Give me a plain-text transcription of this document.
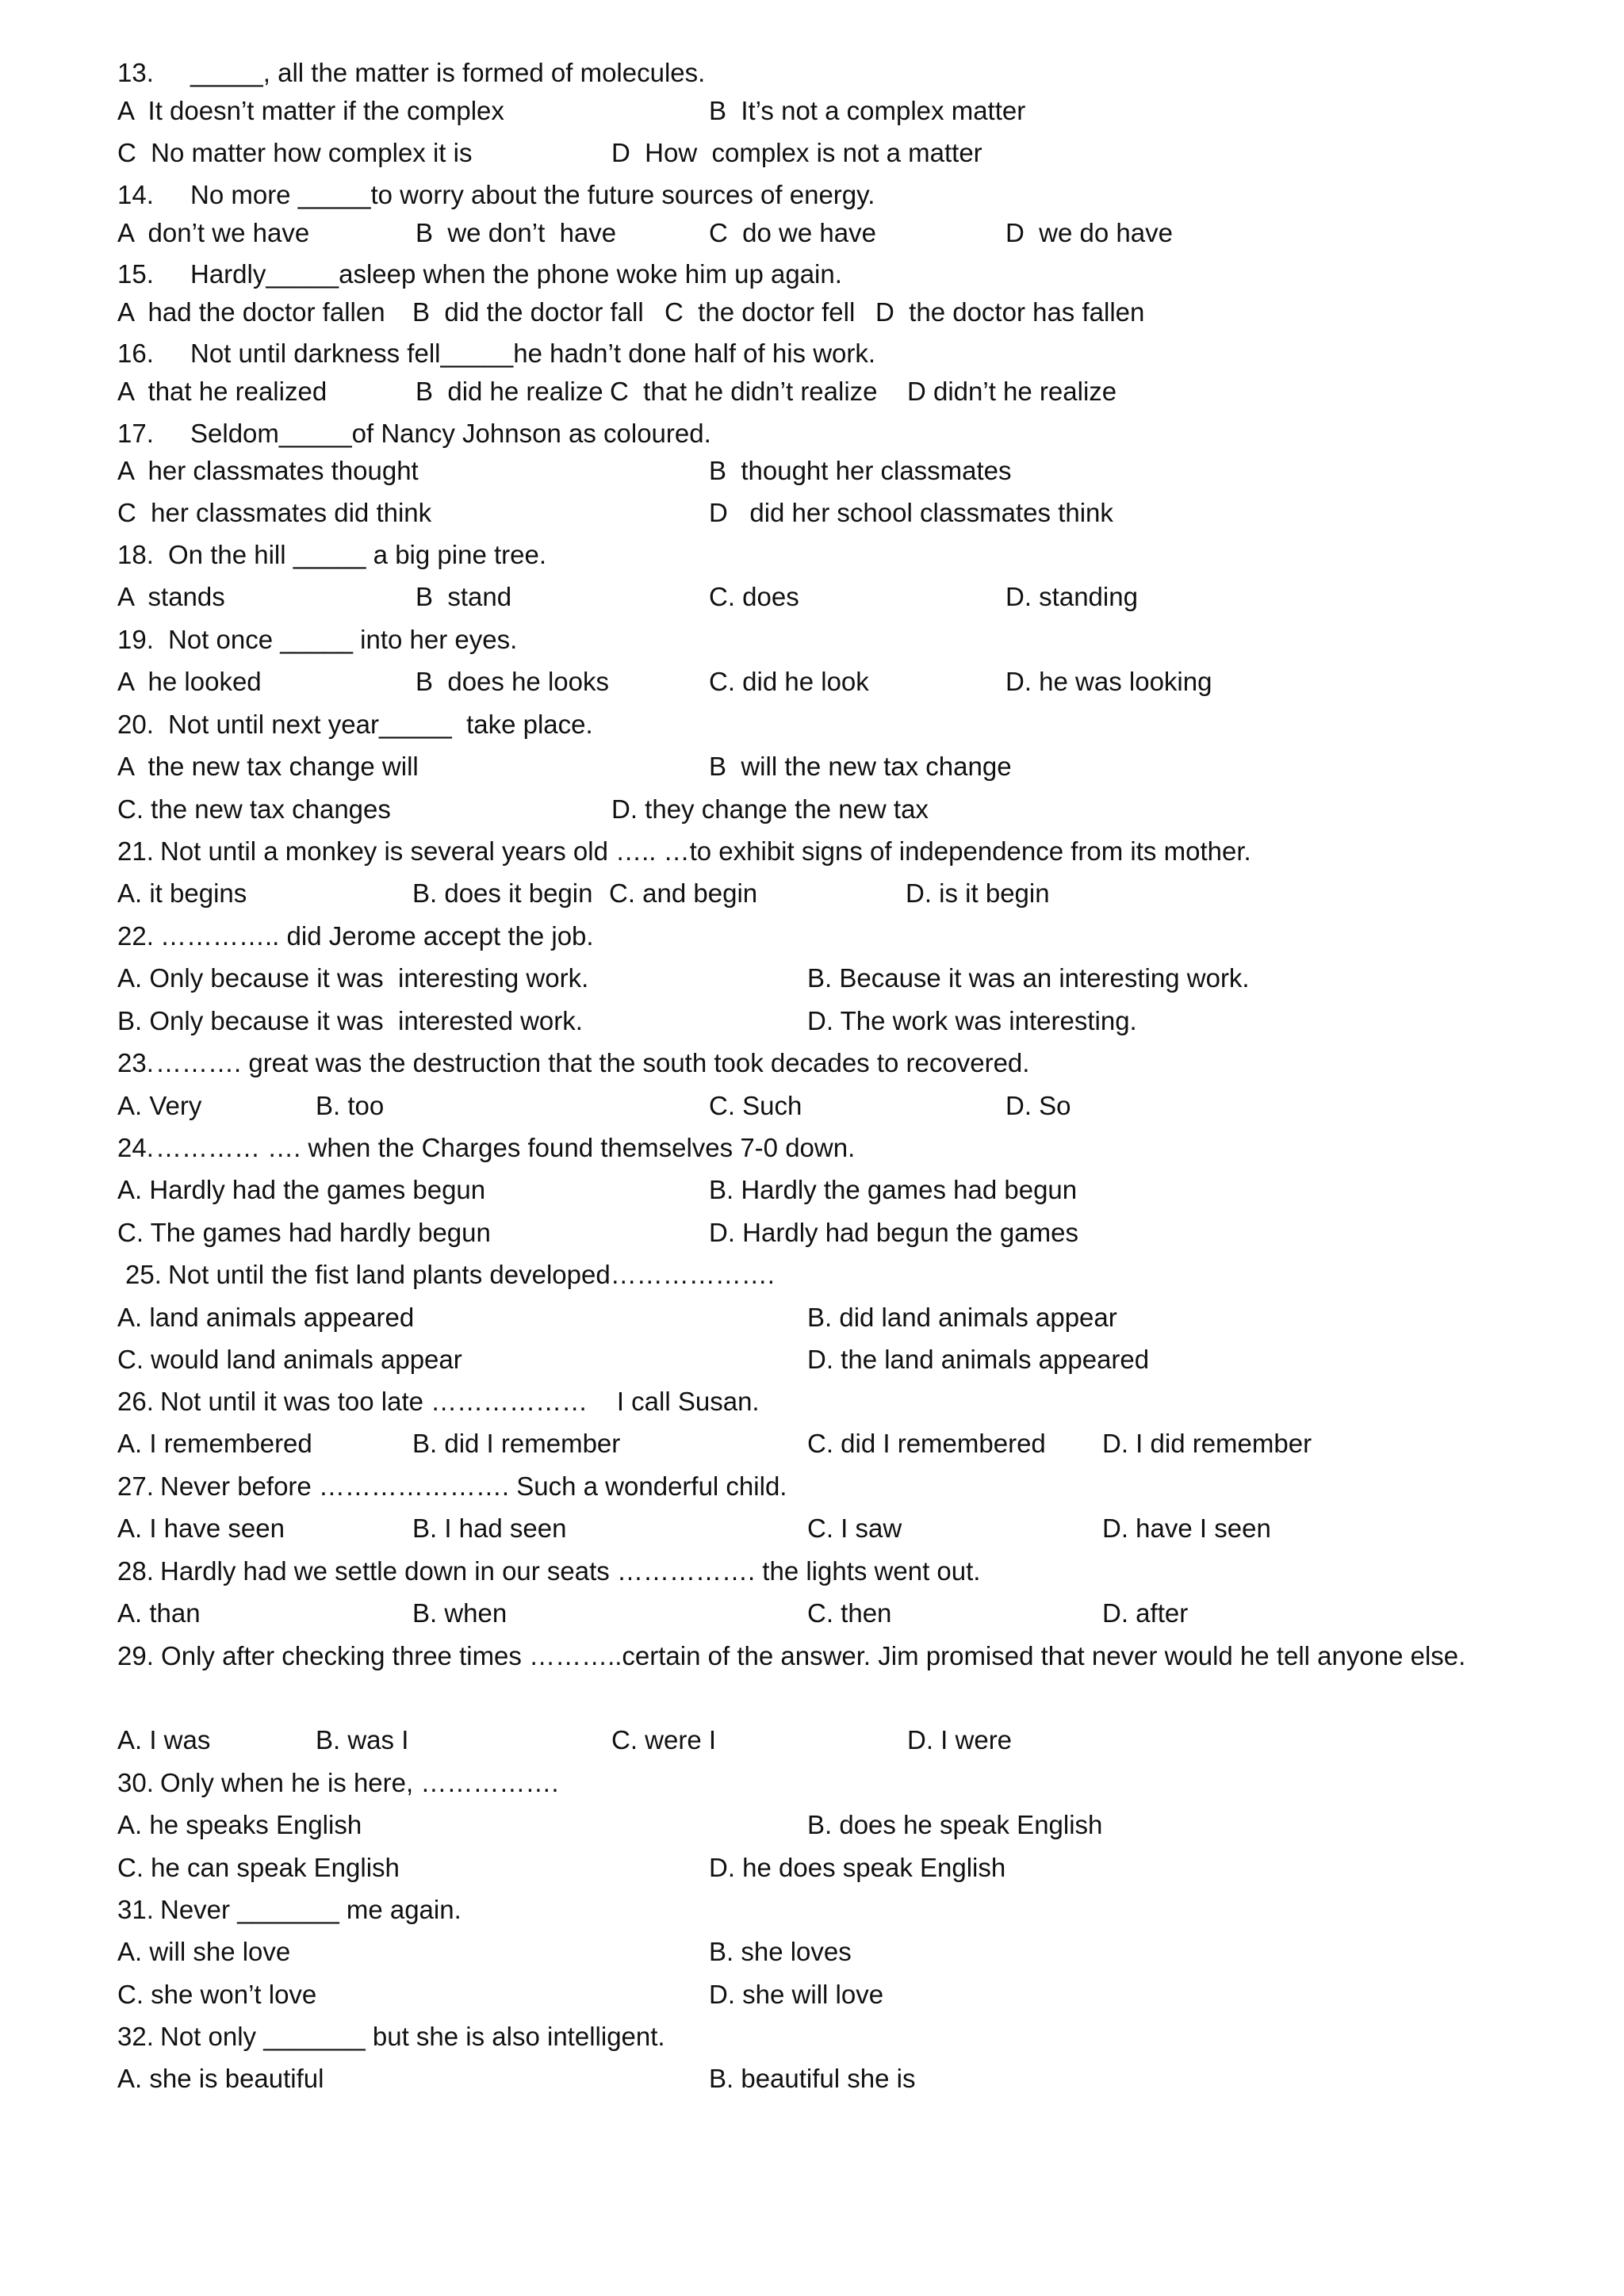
13. _____, all the matter is formed of molecules.
A  It doesn’t matter if the complex	B  It’s not a complex matter
C  No matter how complex it is	D  How  complex is not a matter
14. No more _____to worry about the future sources of energy.
A  don’t we have	B  we don’t  have	C  do we have	D  we do have
15. Hardly_____asleep when the phone woke him up again.
A  had the doctor fallen B  did the doctor fall C  the doctor fell D  the doctor has fallen
16. Not until darkness fell_____he hadn’t done half of his work.
A  that he realized	B  did he realize C  that he didn’t realize D didn’t he realize
17. Seldom_____of Nancy Johnson as coloured.
A  her classmates thought	B  thought her classmates
C  her classmates did think	D   did her school classmates think
18. On the hill _____ a big pine tree.
A  stands	B  stand	C. does	D. standing
19. Not once _____ into her eyes.
A  he looked	B  does he looks	C. did he look	D. he was looking
20. Not until next year_____  take place.
A  the new tax change will	B  will the new tax change
C. the new tax changes	D. they change the new tax
21. Not until a monkey is several years old ….. …to exhibit signs of independence from its mother.
A. it begins	B. does it begin C. and begin	D. is it begin
22. ………….. did Jerome accept the job.
A. Only because it was  interesting work.	B. Because it was an interesting work.
B. Only because it was  interested work.	D. The work was interesting.
23. ………. great was the destruction that the south took decades to recovered.
A. Very	B. too	C. Such	D. So
24. ………… …. when the Charges found themselves 7-0 down.
A. Hardly had the games begun	B. Hardly the games had begun
C. The games had hardly begun	D. Hardly had begun the games
25. Not until the fist land plants developed……………….
A. land animals appeared	B. did land animals appear
C. would land animals appear	D. the land animals appeared
26. Not until it was too late ………………    I call Susan.
A. I remembered	B. did I remember	C. did I remembered D. I did remember
27. Never before …………………. Such a wonderful child.
A. I have seen	B. I had seen	C. I saw	D. have I seen
28. Hardly had we settle down in our seats ……………. the lights went out.
A. than	B. when	C. then	D. after
29. Only after checking three times ………..certain of the answer. Jim promised that never would he tell anyone else.
A. I was	B. was I	C. were I	D. I were
30. Only when he is here, …………….
A. he speaks English	B. does he speak English
C. he can speak English	D. he does speak English
31. Never _______ me again.
A. will she love	B. she loves
C. she won’t love	D. she will love
32. Not only _______ but she is also intelligent.
A. she is beautiful	B. beautiful she is
